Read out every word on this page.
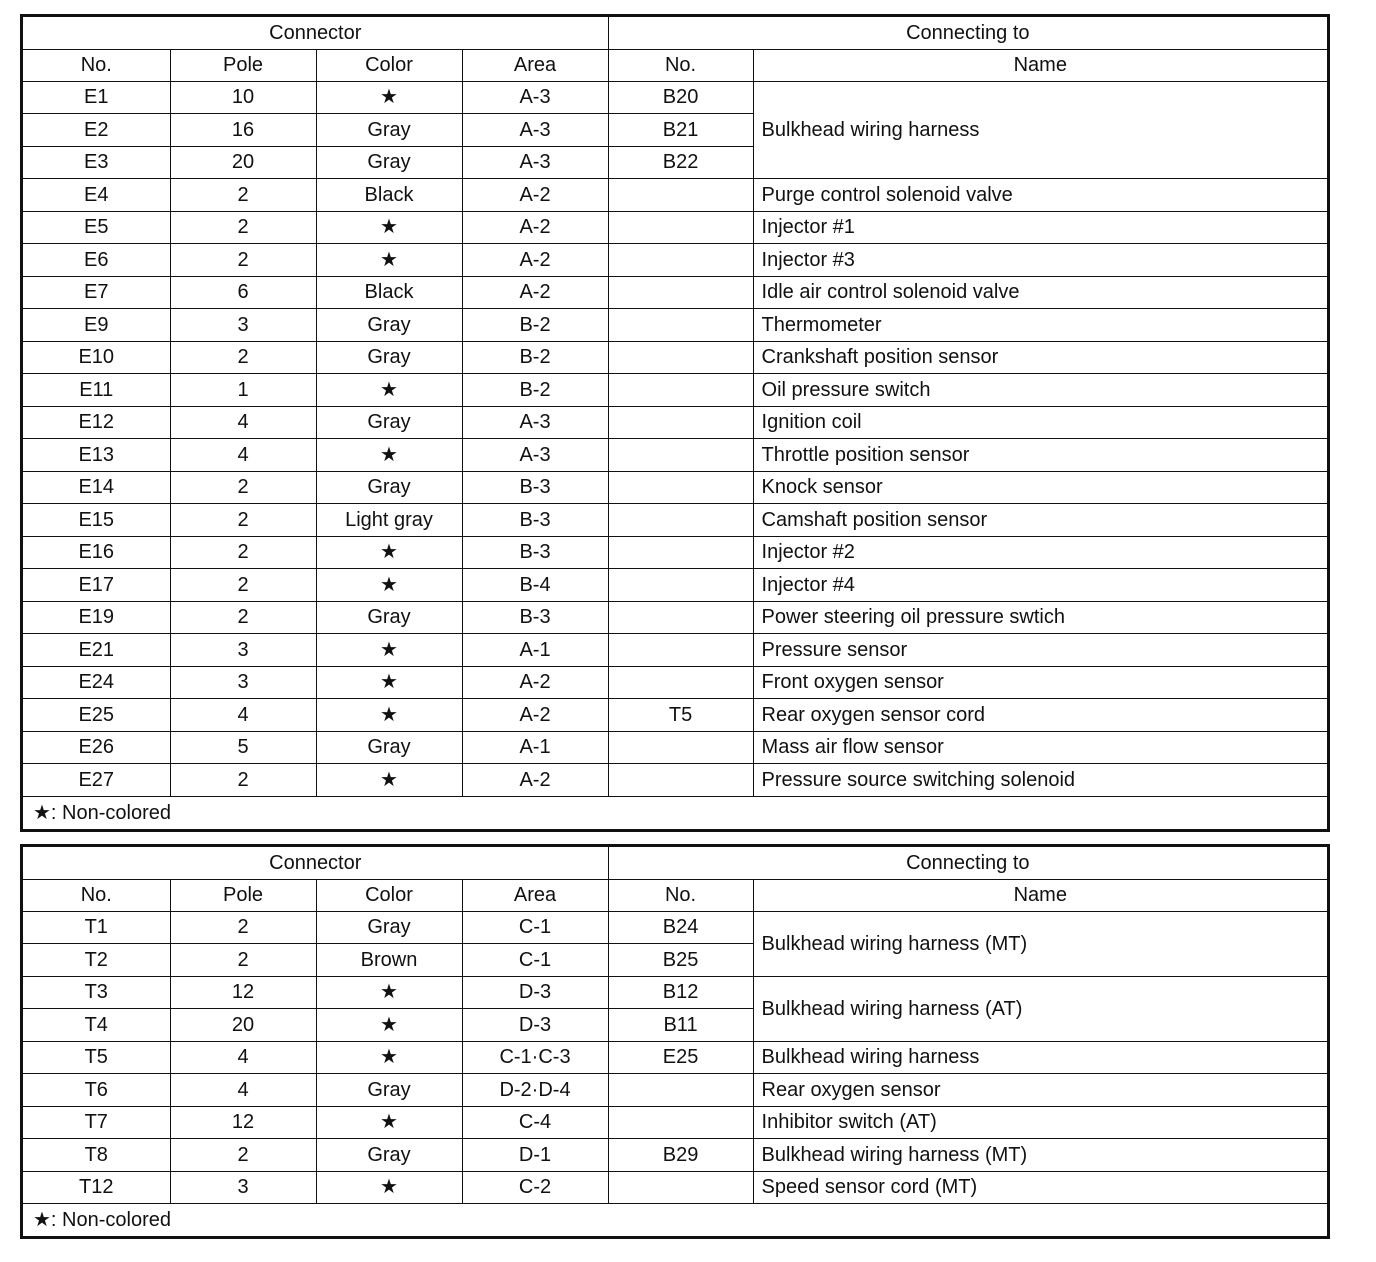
Connector				Connecting to	
No.	Pole	Color	Area	No.	Name
E1	10	★	A-3	B20	Bulkhead wiring harness
E2	16	Gray	A-3	B21	
E3	20	Gray	A-3	B22	
E4	2	Black	A-2		Purge control solenoid valve
E5	2	★	A-2		Injector #1
E6	2	★	A-2		Injector #3
E7	6	Black	A-2		Idle air control solenoid valve
E9	3	Gray	B-2		Thermometer
E10	2	Gray	B-2		Crankshaft position sensor
E11	1	★	B-2		Oil pressure switch
E12	4	Gray	A-3		Ignition coil
E13	4	★	A-3		Throttle position sensor
E14	2	Gray	B-3		Knock sensor
E15	2	Light gray	B-3		Camshaft position sensor
E16	2	★	B-3		Injector #2
E17	2	★	B-4		Injector #4
E19	2	Gray	B-3		Power steering oil pressure swtich
E21	3	★	A-1		Pressure sensor
E24	3	★	A-2		Front oxygen sensor
E25	4	★	A-2	T5	Rear oxygen sensor cord
E26	5	Gray	A-1		Mass air flow sensor
E27	2	★	A-2		Pressure source switching solenoid
★: Non-colored					
Connector				Connecting to	
No.	Pole	Color	Area	No.	Name
T1	2	Gray	C-1	B24	Bulkhead wiring harness (MT)
T2	2	Brown	C-1	B25	
T3	12	★	D-3	B12	Bulkhead wiring harness (AT)
T4	20	★	D-3	B11	
T5	4	★	C-1·C-3	E25	Bulkhead wiring harness
T6	4	Gray	D-2·D-4		Rear oxygen sensor
T7	12	★	C-4		Inhibitor switch (AT)
T8	2	Gray	D-1	B29	Bulkhead wiring harness (MT)
T12	3	★	C-2		Speed sensor cord (MT)
★: Non-colored					
